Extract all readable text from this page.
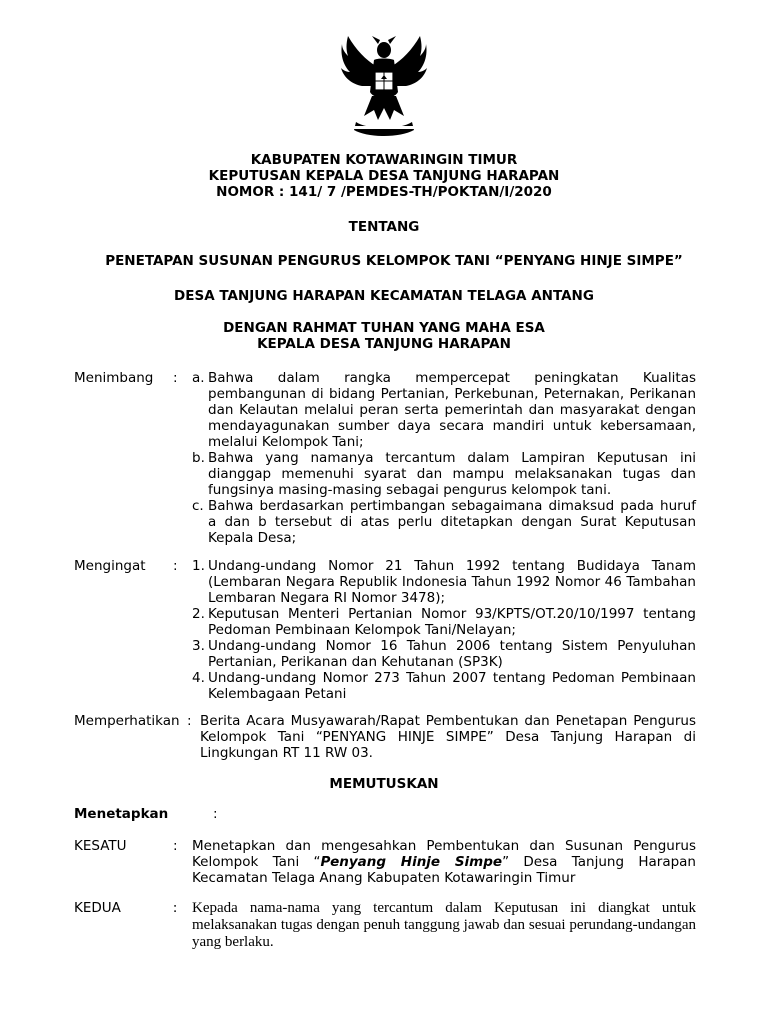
KABUPATEN KOTAWARINGIN TIMUR
KEPUTUSAN KEPALA DESA TANJUNG HARAPAN
NOMOR : 141/ 7 /PEMDES-TH/POKTAN/I/2020
TENTANG
PENETAPAN SUSUNAN PENGURUS KELOMPOK TANI “PENYANG HINJE SIMPE”
DESA TANJUNG HARAPAN KECAMATAN TELAGA ANTANG
DENGAN RAHMAT TUHAN YANG MAHA ESA
KEPALA DESA TANJUNG HARAPAN
Menimbang : a. Bahwa dalam rangka mempercepat peningkatan Kualitas pembangunan di bidang Pertanian, Perkebunan, Peternakan, Perikanan dan Kelautan melalui peran serta pemerintah dan masyarakat dengan mendayagunakan sumber daya secara mandiri untuk kebersamaan, melalui Kelompok Tani;
b. Bahwa yang namanya tercantum dalam Lampiran Keputusan ini dianggap memenuhi syarat dan mampu melaksanakan tugas dan fungsinya masing-masing sebagai pengurus kelompok tani.
c. Bahwa berdasarkan pertimbangan sebagaimana dimaksud pada huruf a dan b tersebut di atas perlu ditetapkan dengan Surat Keputusan Kepala Desa;
Mengingat : 1. Undang-undang Nomor 21 Tahun 1992 tentang Budidaya Tanam (Lembaran Negara Republik Indonesia Tahun 1992 Nomor 46 Tambahan Lembaran Negara RI Nomor 3478);
2. Keputusan Menteri Pertanian Nomor 93/KPTS/OT.20/10/1997 tentang Pedoman Pembinaan Kelompok Tani/Nelayan;
3. Undang-undang Nomor 16 Tahun 2006 tentang Sistem Penyuluhan Pertanian, Perikanan dan Kehutanan (SP3K)
4. Undang-undang Nomor 273 Tahun 2007 tentang Pedoman Pembinaan Kelembagaan Petani
Memperhatikan : Berita Acara Musyawarah/Rapat Pembentukan dan Penetapan Pengurus Kelompok Tani “PENYANG HINJE SIMPE” Desa Tanjung Harapan di Lingkungan RT 11 RW 03.
MEMUTUSKAN
Menetapkan	:
KESATU	: Menetapkan dan mengesahkan Pembentukan dan Susunan Pengurus Kelompok Tani “Penyang Hinje Simpe” Desa Tanjung Harapan Kecamatan Telaga Anang Kabupaten Kotawaringin Timur
KEDUA	: Kepada nama-nama yang tercantum dalam Keputusan ini diangkat untuk melaksanakan tugas dengan penuh tanggung jawab dan sesuai perundang-undangan yang berlaku.
